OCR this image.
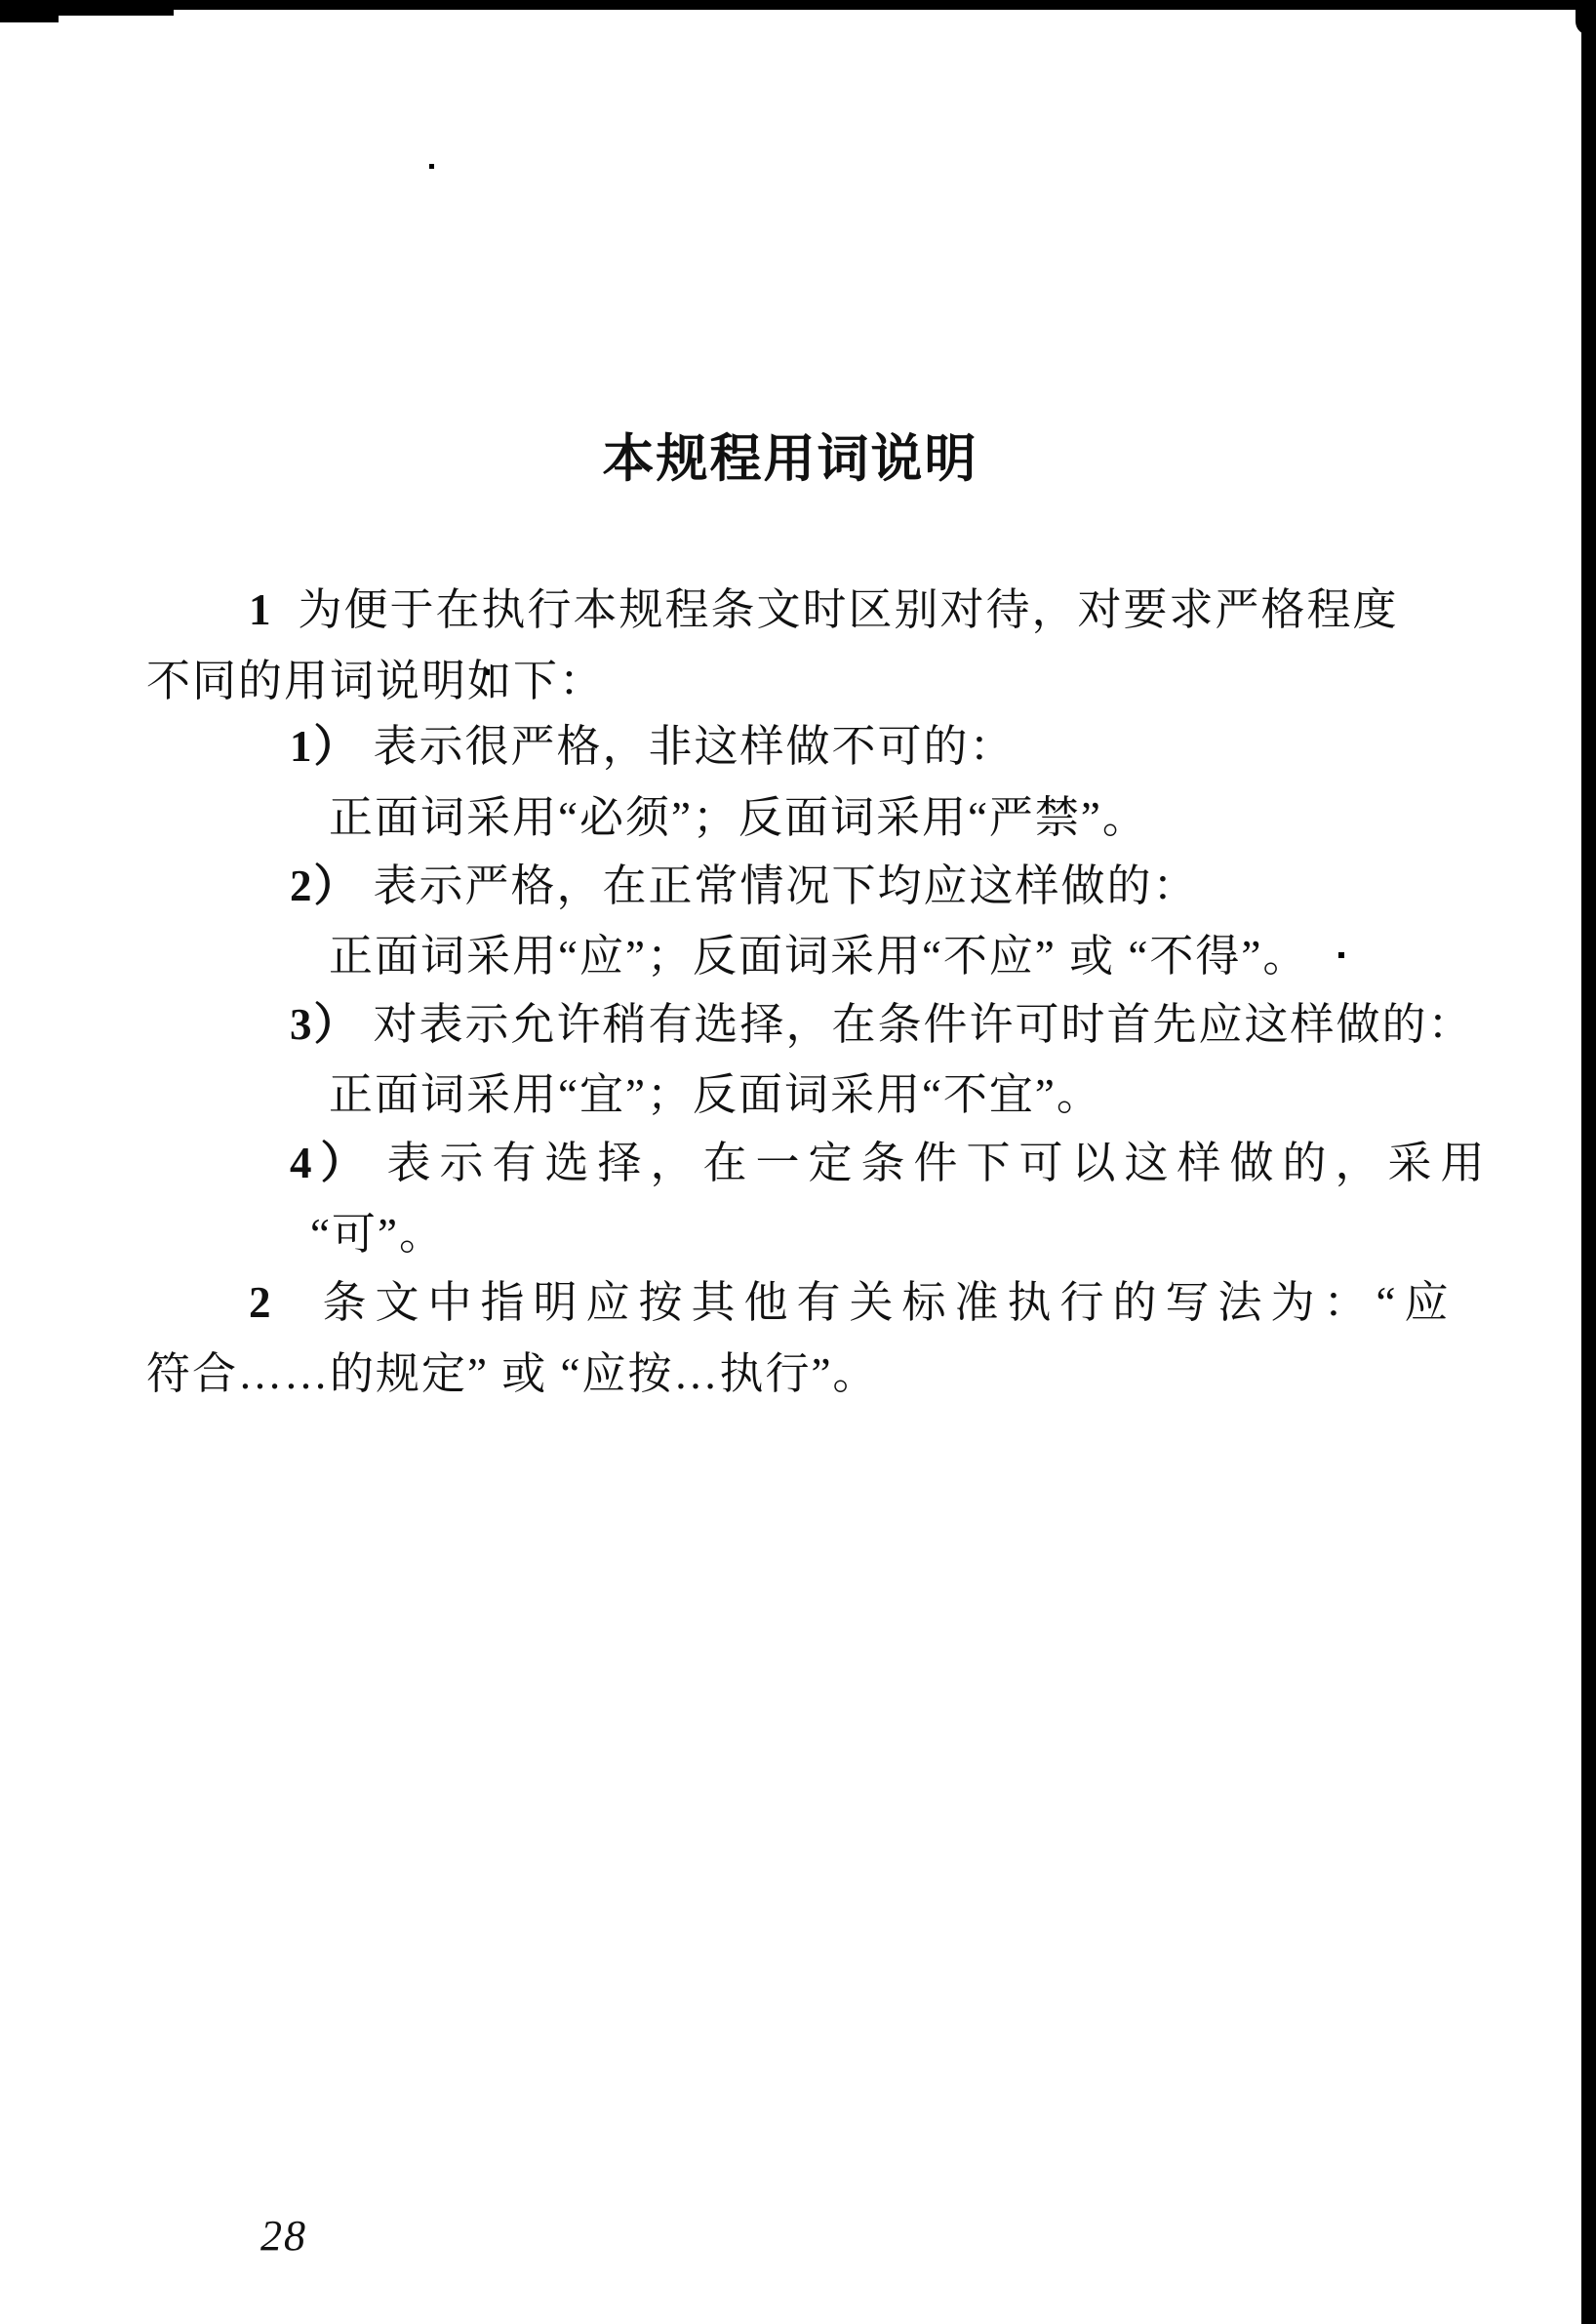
本规程用词说明
1 为便于在执行本规程条文时区别对待，对要求严格程度
不同的用词说明如下：
1） 表示很严格，非这样做不可的：
正面词采用“必须”；反面词采用“严禁”。
2） 表示严格，在正常情况下均应这样做的：
正面词采用“应”；反面词采用“不应” 或 “不得”。
3） 对表示允许稍有选择，在条件许可时首先应这样做的：
正面词采用“宜”；反面词采用“不宜”。
4） 表示有选择，在一定条件下可以这样做的，采用
“可”。
2 条文中指明应按其他有关标准执行的写法为：“应
符合……的规定” 或 “应按…执行”。
28
